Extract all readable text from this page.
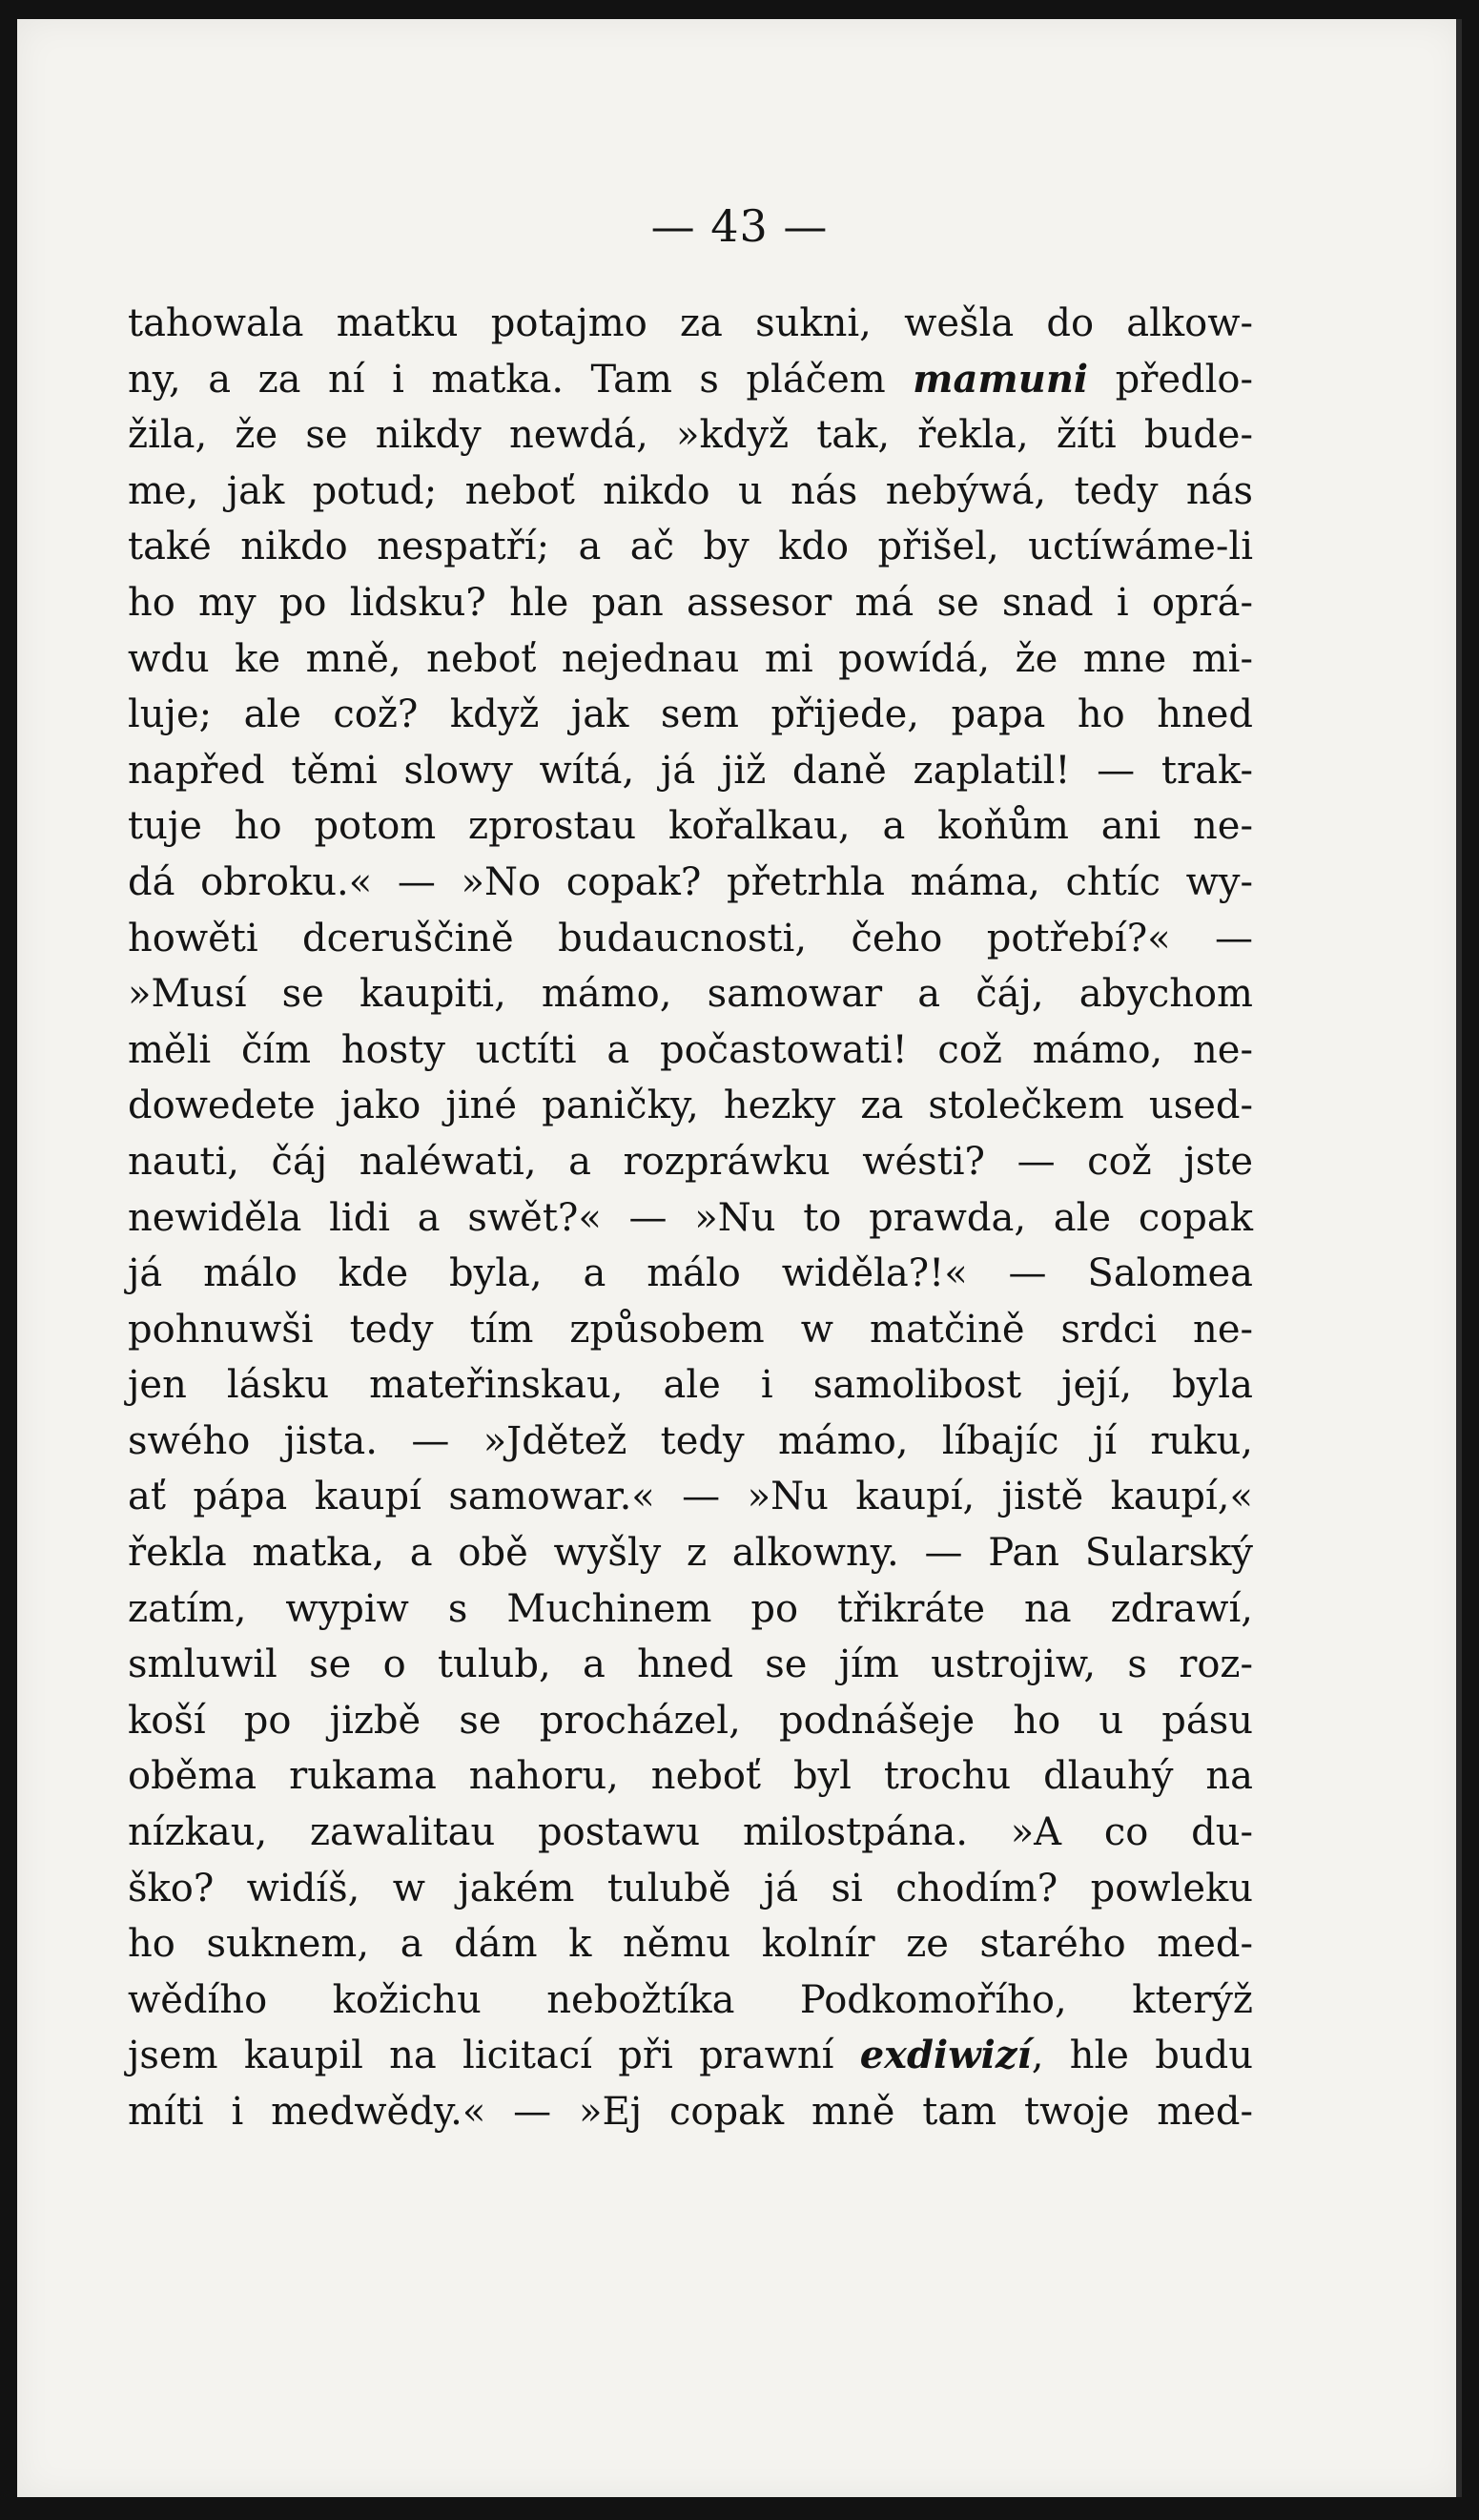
— 43 —
tahowala matku potajmo za sukni, wešla do alkow-
ny, a za ní i matka. Tam s pláčem mamuni předlo-
žila, že se nikdy newdá, »když tak, řekla, žíti bude-
me, jak potud; neboť nikdo u nás nebýwá, tedy nás
také nikdo nespatří; a ač by kdo přišel, uctíwáme-li
ho my po lidsku? hle pan assesor má se snad i oprá-
wdu ke mně, neboť nejednau mi powídá, že mne mi-
luje; ale což? když jak sem přijede, papa ho hned
napřed těmi slowy wítá, já již daně zaplatil! — trak-
tuje ho potom zprostau kořalkau, a koňům ani ne-
dá obroku.« — »No copak? přetrhla máma, chtíc wy-
howěti dceruščině budaucnosti, čeho potřebí?« —
»Musí se kaupiti, mámo, samowar a čáj, abychom
měli čím hosty uctíti a počastowati! což mámo, ne-
dowedete jako jiné paničky, hezky za stolečkem used-
nauti, čáj naléwati, a rozpráwku wésti? — což jste
newiděla lidi a swět?« — »Nu to prawda, ale copak
já málo kde byla, a málo widěla?!« — Salomea
pohnuwši tedy tím způsobem w matčině srdci ne-
jen lásku mateřinskau, ale i samolibost její, byla
swého jista. — »Jdětež tedy mámo, líbajíc jí ruku,
ať pápa kaupí samowar.« — »Nu kaupí, jistě kaupí,«
řekla matka, a obě wyšly z alkowny. — Pan Sularský
zatím, wypiw s Muchinem po třikráte na zdrawí,
smluwil se o tulub, a hned se jím ustrojiw, s roz-
koší po jizbě se procházel, podnášeje ho u pásu
oběma rukama nahoru, neboť byl trochu dlauhý na
nízkau, zawalitau postawu milostpána. »A co du-
ško? widíš, w jakém tulubě já si chodím? powleku
ho suknem, a dám k němu kolnír ze starého med-
wědího kožichu nebožtíka Podkomořího, kterýž
jsem kaupil na licitací při prawní exdiwizí, hle budu
míti i medwědy.« — »Ej copak mně tam twoje med-
